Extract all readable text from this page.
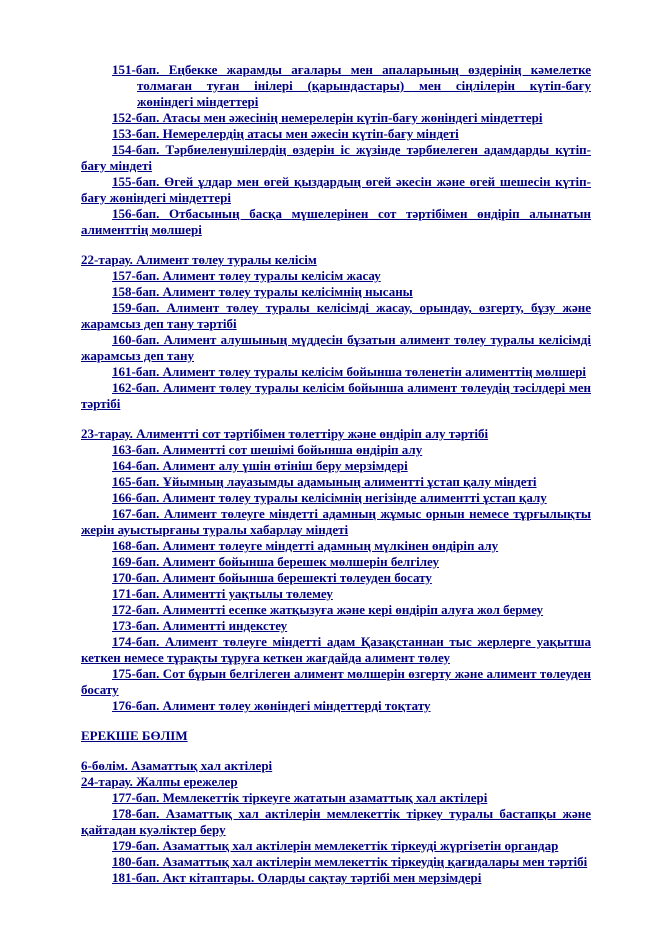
151-бап. Еңбекке жарамды ағалары мен апаларының өздерінің кәмелетке
толмаған туған інілері (қарындастары) мен сіңлілерін күтіп-бағу
жөніндегі міндеттері
152-бап. Атасы мен әжесінің немерелерін күтіп-бағу жөніндегі міндеттері
153-бап. Немерелердің атасы мен әжесін күтіп-бағу міндеті
154-бап. Тәрбиеленушілердің өздерін іс жүзінде тәрбиелеген адамдарды күтіп-
бағу міндеті
155-бап. Өгей ұлдар мен өгей қыздардың өгей әкесін және өгей шешесін күтіп-
бағу жөніндегі міндеттері
156-бап. Отбасының басқа мүшелерінен сот тәртібімен өндіріп алынатын
алименттің мөлшері
22-тарау. Алимент төлеу туралы келісім
157-бап. Алимент төлеу туралы келісім жасау
158-бап. Алимент төлеу туралы келісімнің нысаны
159-бап. Алимент төлеу туралы келісімді жасау, орындау, өзгерту, бұзу және
жарамсыз деп тану тәртібі
160-бап. Алимент алушының мүддесін бұзатын алимент төлеу туралы келісімді
жарамсыз деп тану
161-бап. Алимент төлеу туралы келісім бойынша төленетін алименттің мөлшері
162-бап. Алимент төлеу туралы келісім бойынша алимент төлеудің тәсілдері мен
тәртібі
23-тарау. Алиментті сот тәртібімен төлеттіру және өндіріп алу тәртібі
163-бап. Алиментті сот шешімі бойынша өндіріп алу
164-бап. Алимент алу үшін өтініш беру мерзімдері
165-бап. Ұйымның лауазымды адамының алиментті ұстап қалу міндеті
166-бап. Алимент төлеу туралы келісімнің негізінде алиментті ұстап қалу
167-бап. Алимент төлеуге міндетті адамның жұмыс орнын немесе тұрғылықты
жерін ауыстырғаны туралы хабарлау міндеті
168-бап. Алимент төлеуге міндетті адамның мүлкінен өндіріп алу
169-бап. Алимент бойынша берешек мөлшерін белгілеу
170-бап. Алимент бойынша берешекті төлеуден босату
171-бап. Алиментті уақтылы төлемеу
172-бап. Алиментті есепке жатқызуға және кері өндіріп алуға жол бермеу
173-бап. Алиментті индекстеу
174-бап. Алимент төлеуге міндетті адам Қазақстаннан тыс жерлерге уақытша
кеткен немесе тұрақты тұруға кеткен жағдайда алимент төлеу
175-бап. Сот бұрын белгілеген алимент мөлшерін өзгерту және алимент төлеуден
босату
176-бап. Алимент төлеу жөніндегі міндеттерді тоқтату
ЕРЕКШЕ БӨЛІМ
6-бөлім. Азаматтық хал актілері
24-тарау. Жалпы ережелер
177-бап. Мемлекеттік тіркеуге жататын азаматтық хал актілері
178-бап. Азаматтық хал актілерін мемлекеттік тіркеу туралы бастапқы және
қайтадан куәліктер беру
179-бап. Азаматтық хал актілерін мемлекеттік тіркеуді жүргізетін органдар
180-бап. Азаматтық хал актілерін мемлекеттік тіркеудің қағидалары мен тәртібі
181-бап. Акт кітаптары. Оларды сақтау тәртібі мен мерзімдері
